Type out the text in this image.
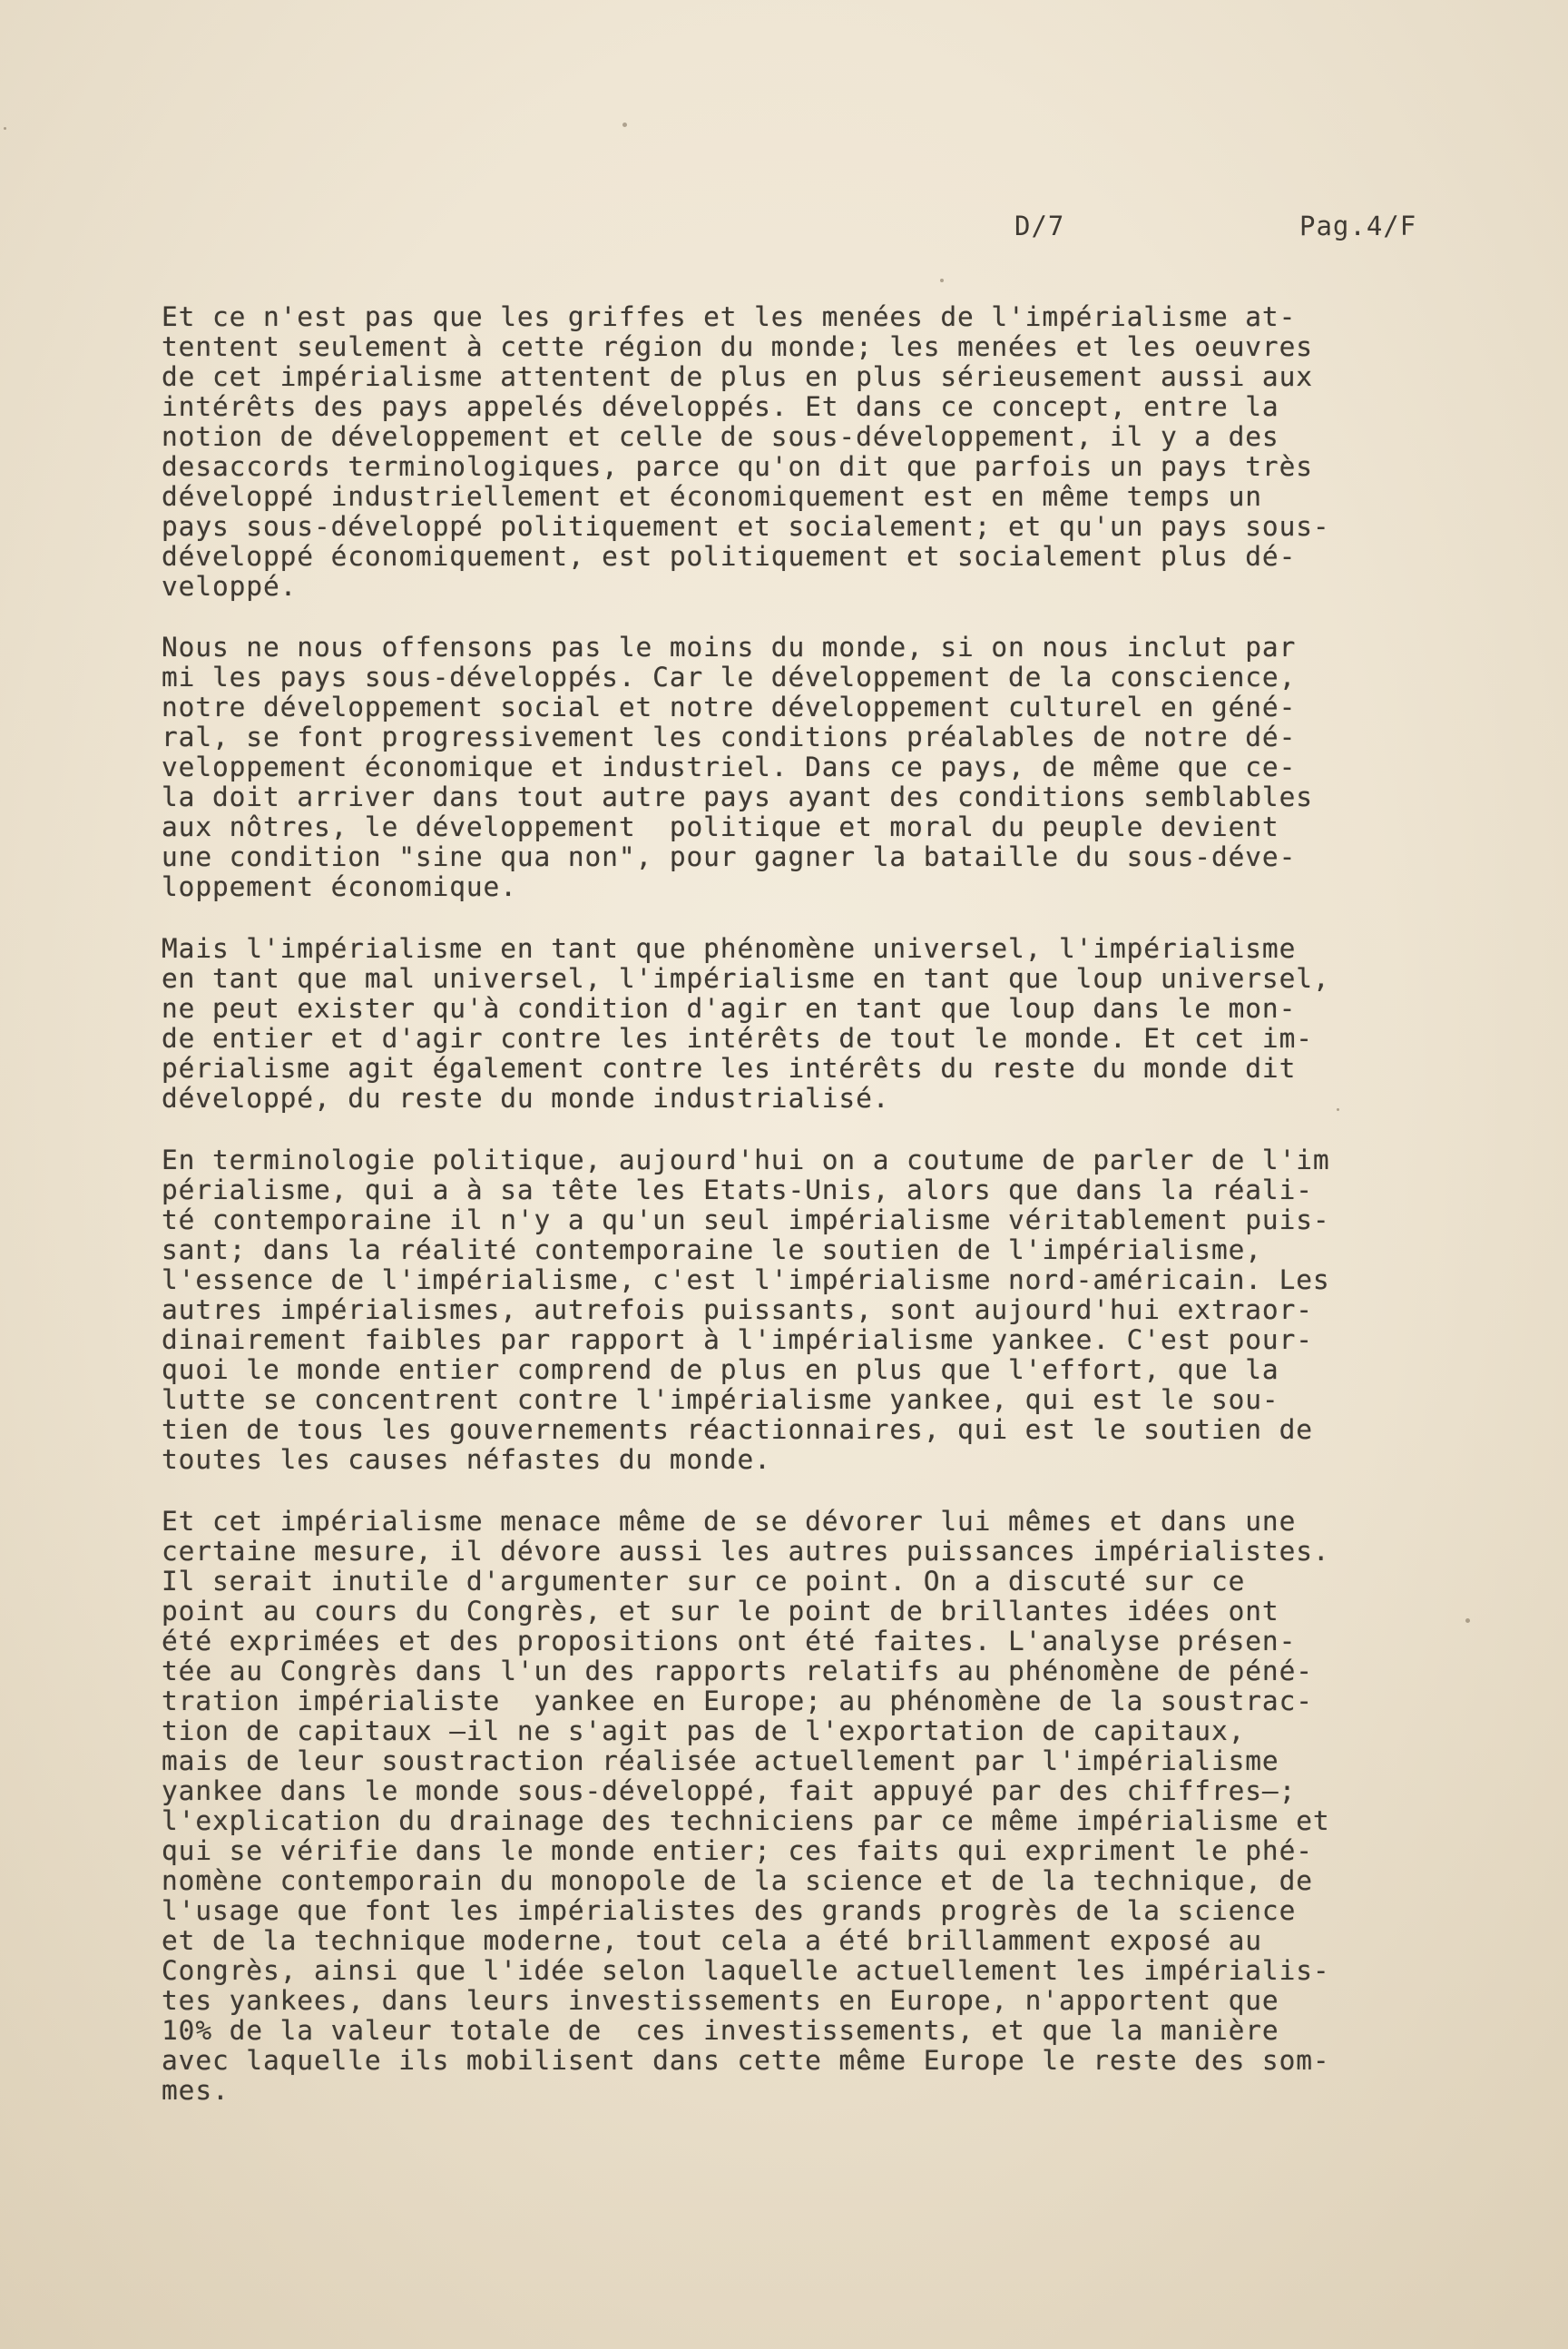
D/7	Pag.4/F
Et ce n'est pas que les griffes et les menées de l'impérialisme at-
tentent seulement à cette région du monde; les menées et les oeuvres
de cet impérialisme attentent de plus en plus sérieusement aussi aux
intérêts des pays appelés développés. Et dans ce concept, entre la
notion de développement et celle de sous-développement, il y a des
desaccords terminologiques, parce qu'on dit que parfois un pays très
développé industriellement et économiquement est en même temps un
pays sous-développé politiquement et socialement; et qu'un pays sous-
développé économiquement, est politiquement et socialement plus dé-
veloppé.
Nous ne nous offensons pas le moins du monde, si on nous inclut par
mi les pays sous-développés. Car le développement de la conscience,
notre développement social et notre développement culturel en géné-
ral, se font progressivement les conditions préalables de notre dé-
veloppement économique et industriel. Dans ce pays, de même que ce-
la doit arriver dans tout autre pays ayant des conditions semblables
aux nôtres, le développement  politique et moral du peuple devient
une condition "sine qua non", pour gagner la bataille du sous-déve-
loppement économique.
Mais l'impérialisme en tant que phénomène universel, l'impérialisme
en tant que mal universel, l'impérialisme en tant que loup universel,
ne peut exister qu'à condition d'agir en tant que loup dans le mon-
de entier et d'agir contre les intérêts de tout le monde. Et cet im-
périalisme agit également contre les intérêts du reste du monde dit
développé, du reste du monde industrialisé.
En terminologie politique, aujourd'hui on a coutume de parler de l'im
périalisme, qui a à sa tête les Etats-Unis, alors que dans la réali-
té contemporaine il n'y a qu'un seul impérialisme véritablement puis-
sant; dans la réalité contemporaine le soutien de l'impérialisme,
l'essence de l'impérialisme, c'est l'impérialisme nord-américain. Les
autres impérialismes, autrefois puissants, sont aujourd'hui extraor-
dinairement faibles par rapport à l'impérialisme yankee. C'est pour-
quoi le monde entier comprend de plus en plus que l'effort, que la
lutte se concentrent contre l'impérialisme yankee, qui est le sou-
tien de tous les gouvernements réactionnaires, qui est le soutien de
toutes les causes néfastes du monde.
Et cet impérialisme menace même de se dévorer lui mêmes et dans une
certaine mesure, il dévore aussi les autres puissances impérialistes.
Il serait inutile d'argumenter sur ce point. On a discuté sur ce
point au cours du Congrès, et sur le point de brillantes idées ont
été exprimées et des propositions ont été faites. L'analyse présen-
tée au Congrès dans l'un des rapports relatifs au phénomène de péné-
tration impérialiste  yankee en Europe; au phénomène de la soustrac-
tion de capitaux —il ne s'agit pas de l'exportation de capitaux,
mais de leur soustraction réalisée actuellement par l'impérialisme
yankee dans le monde sous-développé, fait appuyé par des chiffres—;
l'explication du drainage des techniciens par ce même impérialisme et
qui se vérifie dans le monde entier; ces faits qui expriment le phé-
nomène contemporain du monopole de la science et de la technique, de
l'usage que font les impérialistes des grands progrès de la science
et de la technique moderne, tout cela a été brillamment exposé au
Congrès, ainsi que l'idée selon laquelle actuellement les impérialis-
tes yankees, dans leurs investissements en Europe, n'apportent que
10% de la valeur totale de  ces investissements, et que la manière
avec laquelle ils mobilisent dans cette même Europe le reste des som-
mes.
